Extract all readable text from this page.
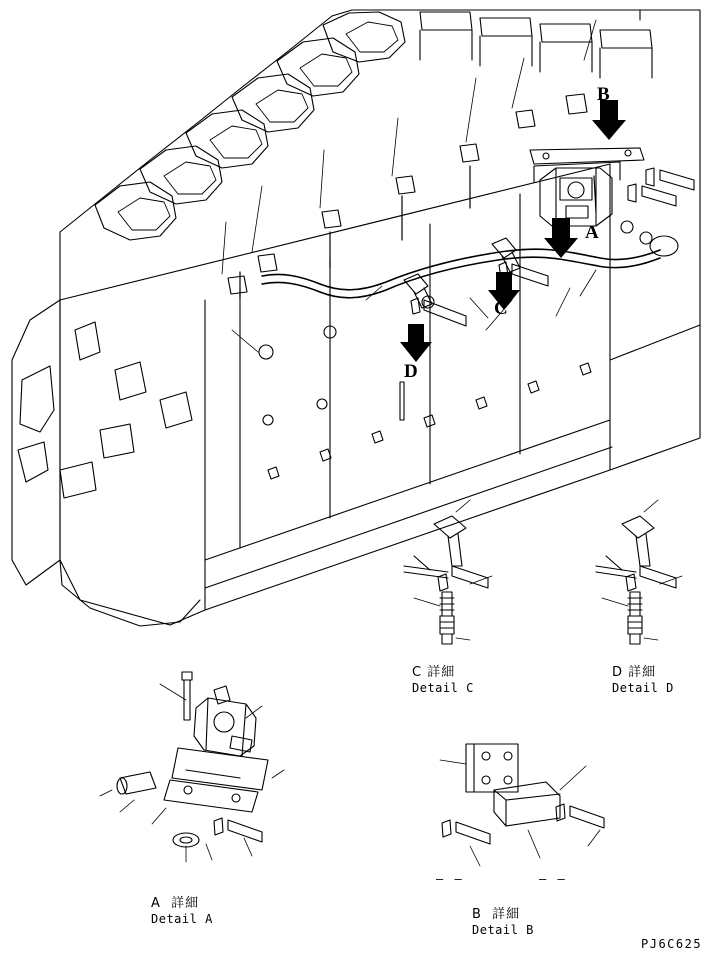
B
A
C
D
C 詳細
Detail C
D 詳細
Detail D
A  詳細
Detail A	B  詳細
Detail B
– –	– –
PJ6C625
